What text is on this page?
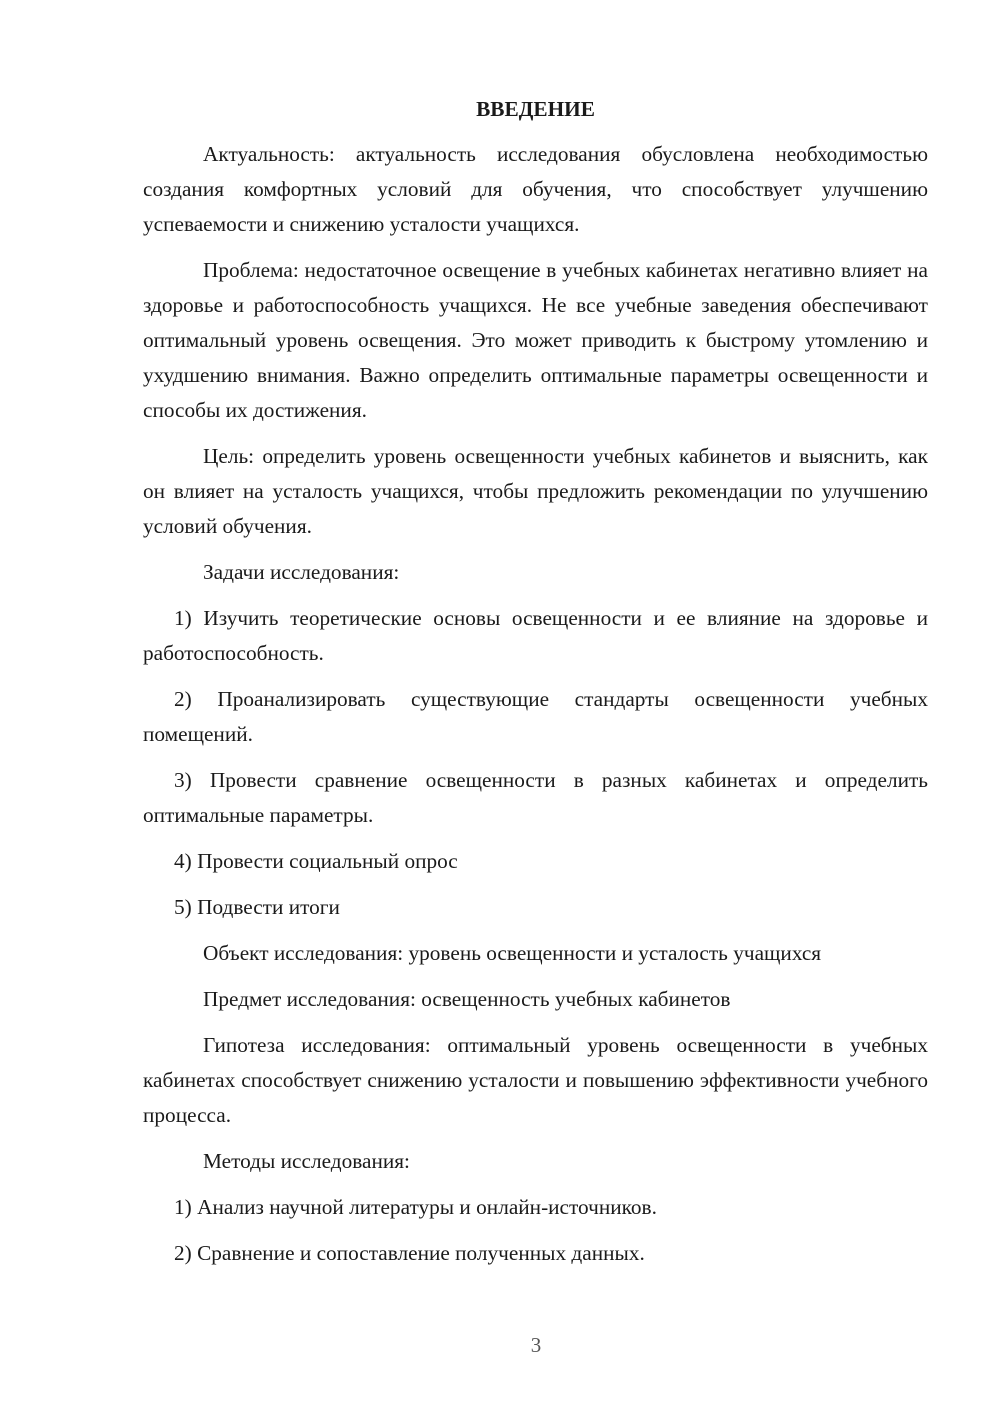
ВВЕДЕНИЕ

Актуальность: актуальность исследования обусловлена необходимостью создания комфортных условий для обучения, что способствует улучшению успеваемости и снижению усталости учащихся.

Проблема: недостаточное освещение в учебных кабинетах негативно влияет на здоровье и работоспособность учащихся. Не все учебные заведения обеспечивают оптимальный уровень освещения. Это может приводить к быстрому утомлению и ухудшению внимания. Важно определить оптимальные параметры освещенности и способы их достижения.

Цель: определить уровень освещенности учебных кабинетов и выяснить, как он влияет на усталость учащихся, чтобы предложить рекомендации по улучшению условий обучения.

Задачи исследования:

1) Изучить теоретические основы освещенности и ее влияние на здоровье и работоспособность.

2) Проанализировать существующие стандарты освещенности учебных помещений.

3) Провести сравнение освещенности в разных кабинетах и определить оптимальные параметры.

4) Провести социальный опрос

5) Подвести итоги

Объект исследования: уровень освещенности и усталость учащихся

Предмет исследования: освещенность учебных кабинетов

Гипотеза исследования: оптимальный уровень освещенности в учебных кабинетах способствует снижению усталости и повышению эффективности учебного процесса.

Методы исследования:

1) Анализ научной литературы и онлайн-источников.

2) Сравнение и сопоставление полученных данных.

3
